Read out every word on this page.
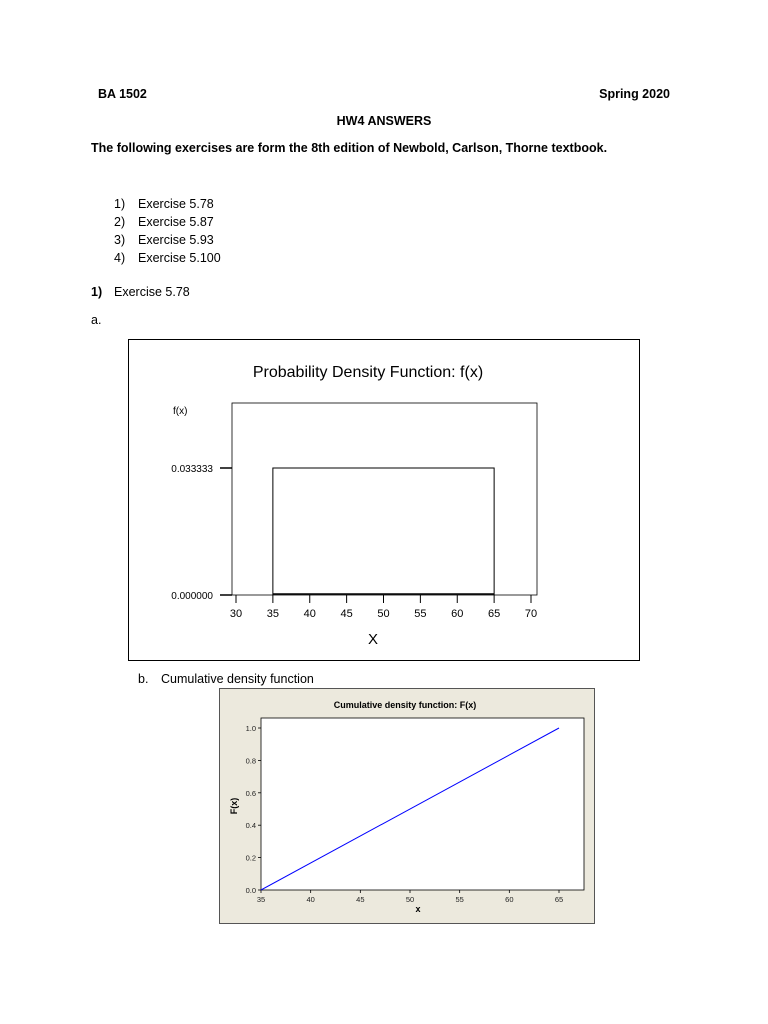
BA 1502	Spring 2020
HW4 ANSWERS
The following exercises are form the 8th edition of Newbold, Carlson, Thorne textbook.
1) Exercise 5.78
2) Exercise 5.87
3) Exercise 5.93
4) Exercise 5.100
1) Exercise 5.78
a.
Probability Density Function: f(x)
f(x)
X
30 35 40 45 50 55 60 65 70
0.000000
0.033333
b. Cumulative density function
Cumulative density function: F(x)
F(x)
x
35	40	45	50	55	60	65
0.0
0.2
0.4
0.6
0.8
1.0
